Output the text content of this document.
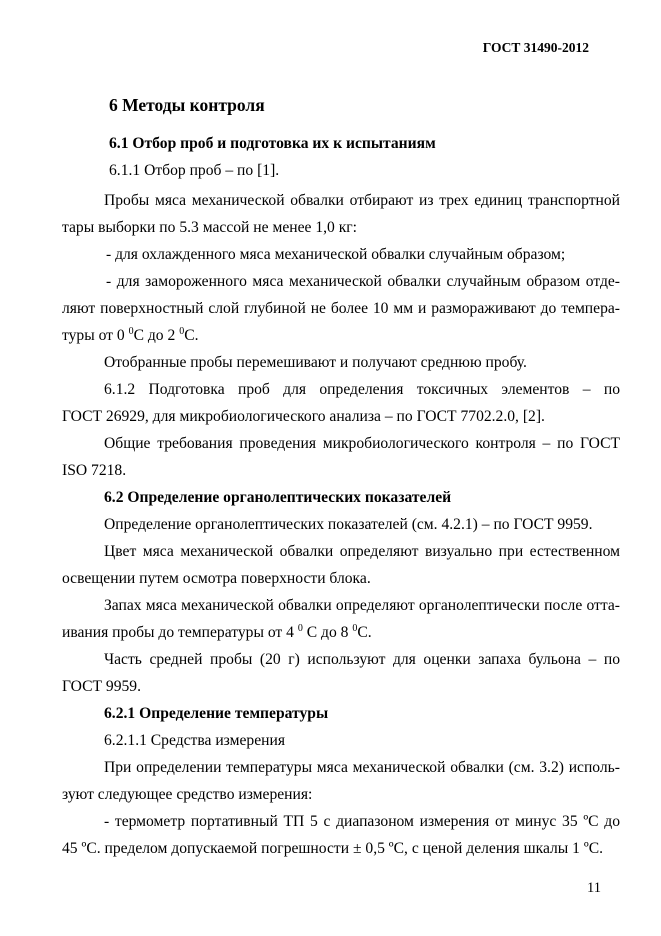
ГОСТ 31490-2012
6 Методы контроля
6.1 Отбор проб и подготовка их к испытаниям
6.1.1 Отбор проб – по [1].
Пробы мяса механической обвалки отбирают из трех единиц транспортной
тары выборки по 5.3 массой не менее 1,0 кг:
- для охлажденного мяса механической обвалки случайным образом;
- для замороженного мяса механической обвалки случайным образом отде-
ляют поверхностный слой глубиной не более 10 мм и размораживают до темпера-
туры от 0 $^0$С до 2 $^0$С.
Отобранные пробы перемешивают и получают среднюю пробу.
6.1.2 Подготовка проб для определения токсичных элементов – по
ГОСТ 26929, для микробиологического анализа – по ГОСТ 7702.2.0, [2].
Общие требования проведения микробиологического контроля – по ГОСТ
ISO 7218.
6.2 Определение органолептических показателей
Определение органолептических показателей (см. 4.2.1) – по ГОСТ 9959.
Цвет мяса механической обвалки определяют визуально при естественном
освещении путем осмотра поверхности блока.
Запах мяса механической обвалки определяют органолептически после отта-
ивания пробы до температуры от 4 $^0$ С до 8 $^0$С.
Часть средней пробы (20 г) используют для оценки запаха бульона – по
ГОСТ 9959.
6.2.1 Определение температуры
6.2.1.1 Средства измерения
При определении температуры мяса механической обвалки (см. 3.2) исполь-
зуют следующее средство измерения:
- термометр портативный ТП 5 с диапазоном измерения от минус 35 ºС до
45 ºС. пределом допускаемой погрешности ± 0,5 ºС, с ценой деления шкалы 1 ºС.
11
